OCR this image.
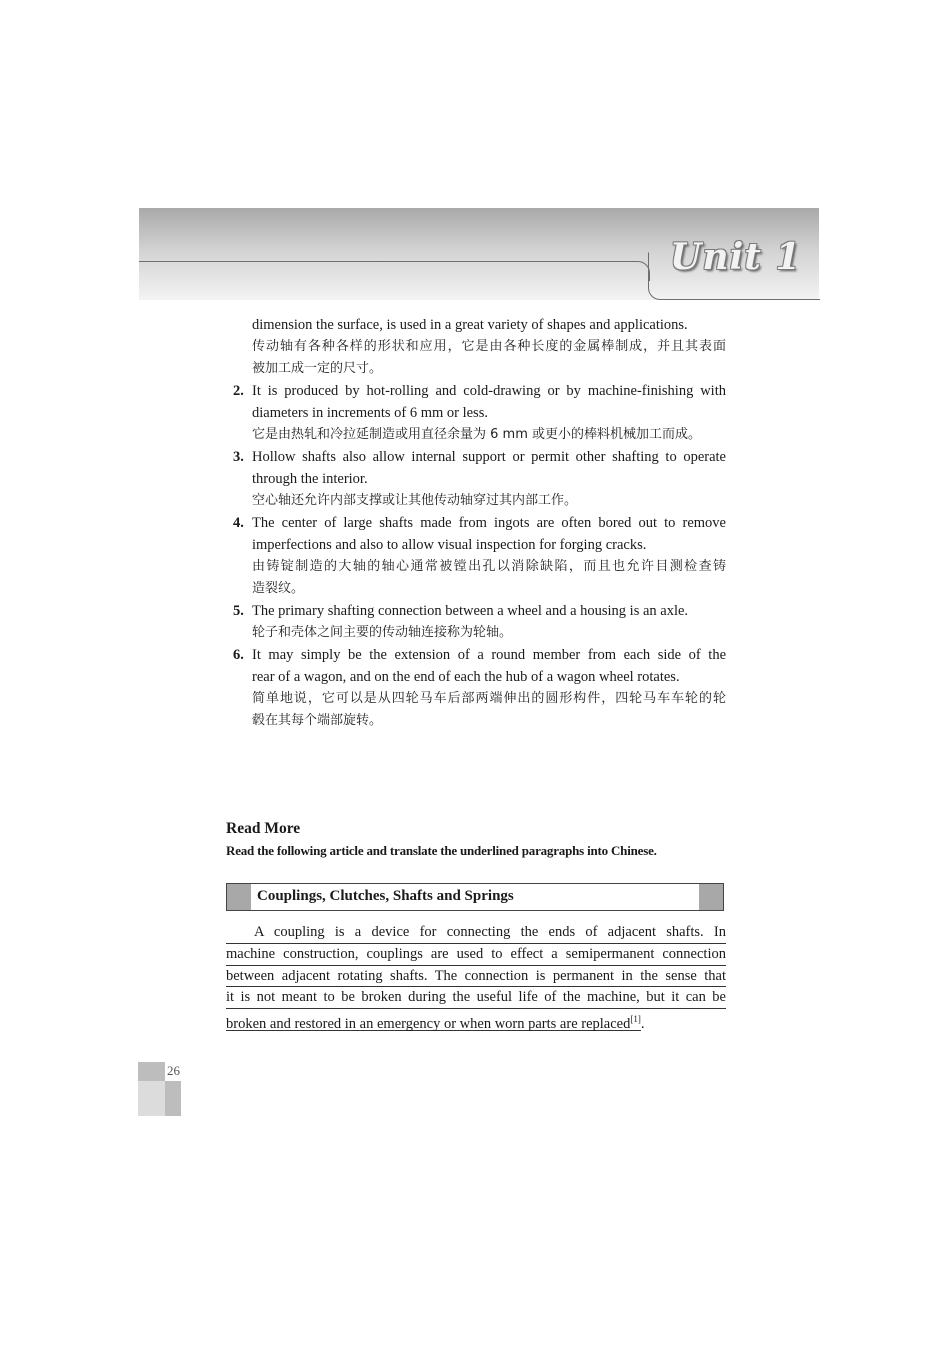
Unit 1

dimension the surface, is used in a great variety of shapes and applications.

传动轴有各种各样的形状和应用，它是由各种长度的金属棒制成，并且其表面

被加工成一定的尺寸。

2. It is produced by hot-rolling and cold-drawing or by machine-finishing with

diameters in increments of 6 mm or less.

它是由热轧和冷拉延制造或用直径余量为 6 mm 或更小的棒料机械加工而成。

3. Hollow shafts also allow internal support or permit other shafting to operate

through the interior.

空心轴还允许内部支撑或让其他传动轴穿过其内部工作。

4. The center of large shafts made from ingots are often bored out to remove

imperfections and also to allow visual inspection for forging cracks.

由铸锭制造的大轴的轴心通常被镗出孔以消除缺陷，而且也允许目测检查铸

造裂纹。

5. The primary shafting connection between a wheel and a housing is an axle.

轮子和壳体之间主要的传动轴连接称为轮轴。

6. It may simply be the extension of a round member from each side of the

rear of a wagon, and on the end of each the hub of a wagon wheel rotates.

简单地说，它可以是从四轮马车后部两端伸出的圆形构件，四轮马车车轮的轮

毂在其每个端部旋转。

Read More
Read the following article and translate the underlined paragraphs into Chinese.
Couplings, Clutches, Shafts and Springs
A coupling is a device for connecting the ends of adjacent shafts. In
machine construction, couplings are used to effect a semipermanent connection
between adjacent rotating shafts. The connection is permanent in the sense that
it is not meant to be broken during the useful life of the machine, but it can be
broken and restored in an emergency or when worn parts are replaced[1].
26
